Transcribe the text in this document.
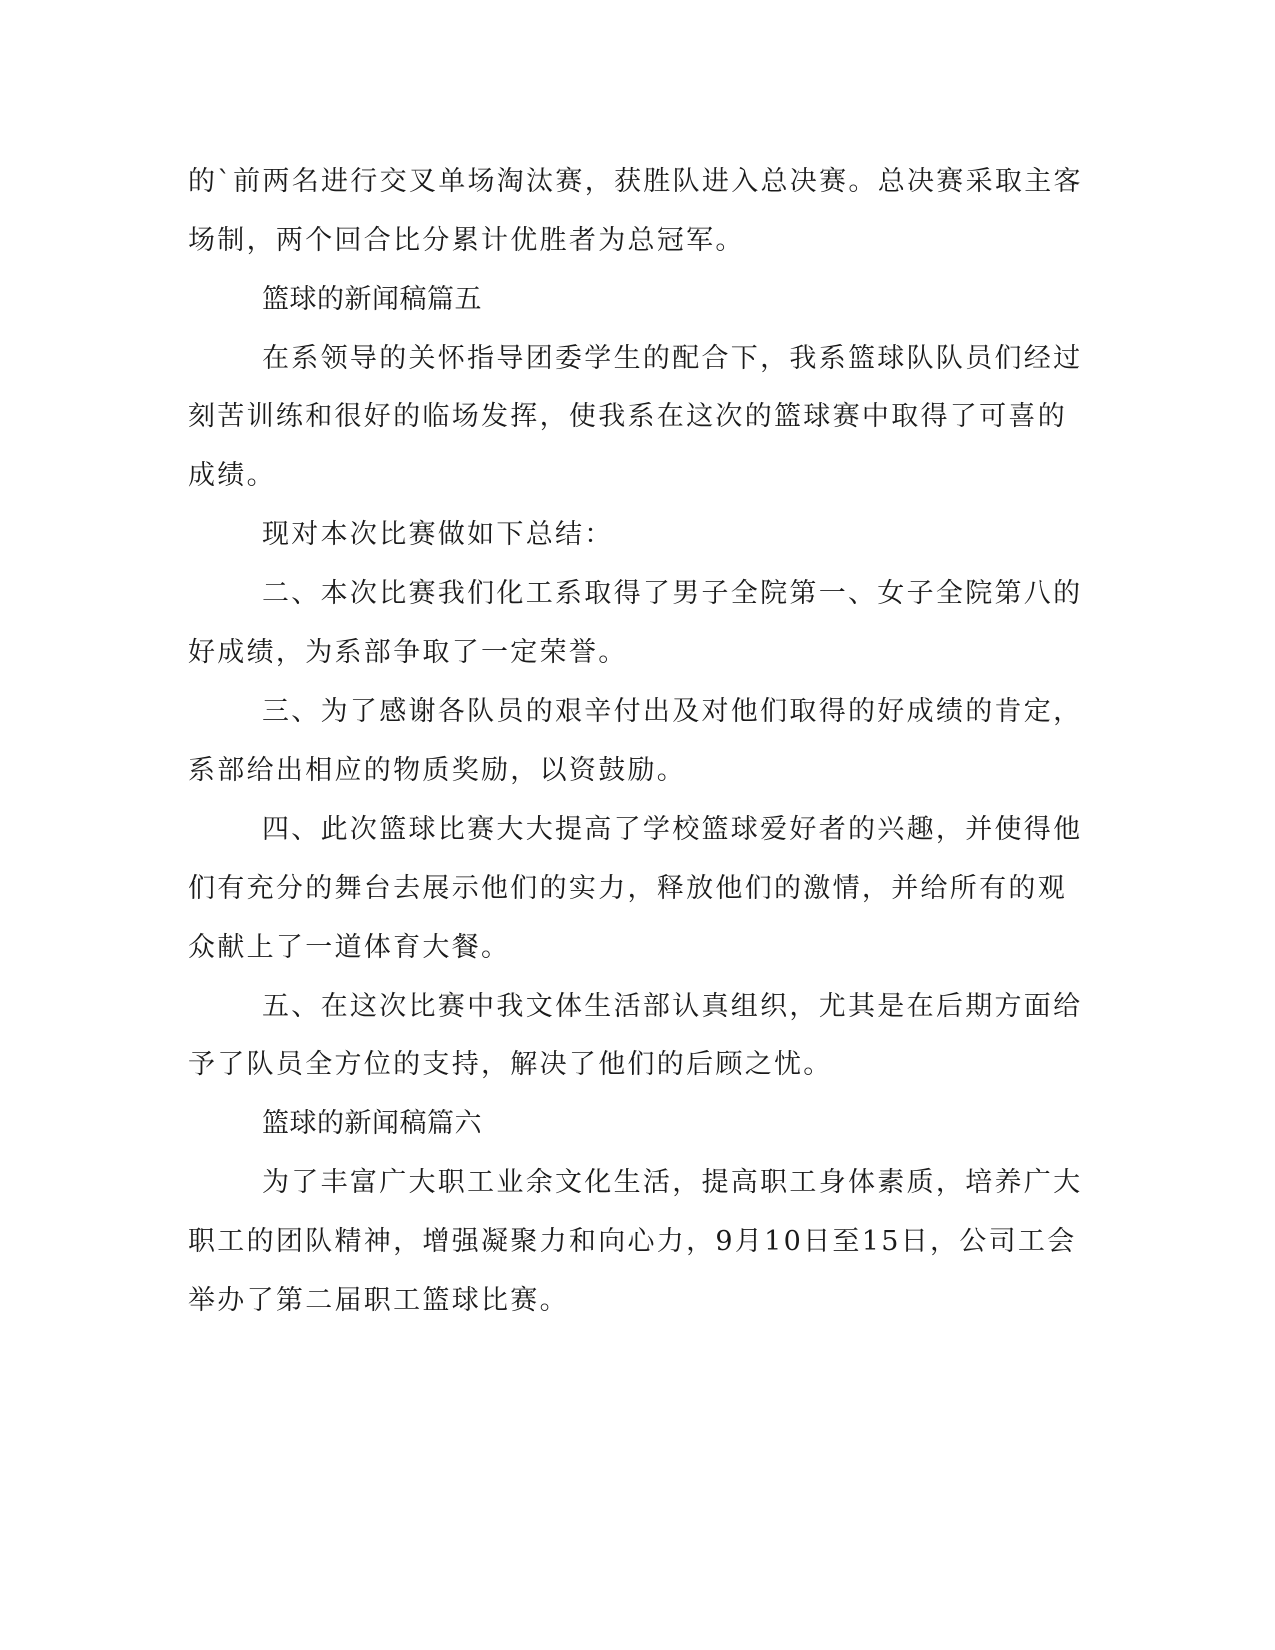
的`前两名进行交叉单场淘汰赛，获胜队进入总决赛。总决赛采取主客
场制，两个回合比分累计优胜者为总冠军。
篮球的新闻稿篇五
在系领导的关怀指导团委学生的配合下，我系篮球队队员们经过
刻苦训练和很好的临场发挥，使我系在这次的篮球赛中取得了可喜的
成绩。
现对本次比赛做如下总结：
二、本次比赛我们化工系取得了男子全院第一、女子全院第八的
好成绩，为系部争取了一定荣誉。
三、为了感谢各队员的艰辛付出及对他们取得的好成绩的肯定，
系部给出相应的物质奖励，以资鼓励。
四、此次篮球比赛大大提高了学校篮球爱好者的兴趣，并使得他
们有充分的舞台去展示他们的实力，释放他们的激情，并给所有的观
众献上了一道体育大餐。
五、在这次比赛中我文体生活部认真组织，尤其是在后期方面给
予了队员全方位的支持，解决了他们的后顾之忧。
篮球的新闻稿篇六
为了丰富广大职工业余文化生活，提高职工身体素质，培养广大
职工的团队精神，增强凝聚力和向心力，9月10日至15日，公司工会
举办了第二届职工篮球比赛。
